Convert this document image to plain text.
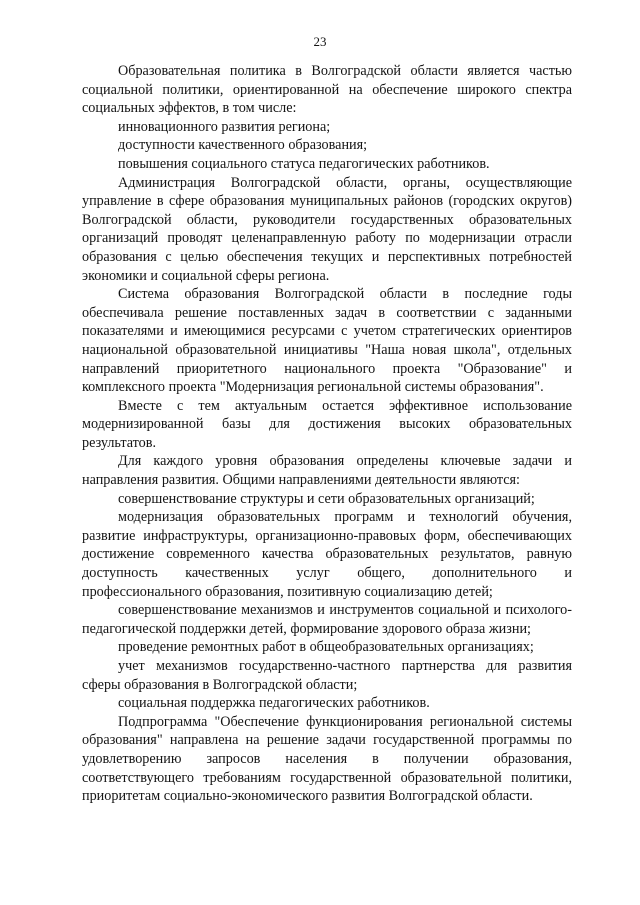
23

Образовательная политика в Волгоградской области является частью социальной политики, ориентированной на обеспечение широкого спектра социальных эффектов, в том числе:

инновационного развития региона;

доступности качественного образования;

повышения социального статуса педагогических работников.

Администрация Волгоградской области, органы, осуществляющие управление в сфере образования муниципальных районов (городских округов) Волгоградской области, руководители государственных образовательных организаций проводят целенаправленную работу по модернизации отрасли образования с целью обеспечения текущих и перспективных потребностей экономики и социальной сферы региона.

Система образования Волгоградской области в последние годы обеспечивала решение поставленных задач в соответствии с заданными показателями и имеющимися ресурсами с учетом стратегических ориентиров национальной образовательной инициативы "Наша новая школа", отдельных направлений приоритетного национального проекта "Образование" и комплексного проекта "Модернизация региональной системы образования".

Вместе с тем актуальным остается эффективное использование модернизированной базы для достижения высоких образовательных результатов.

Для каждого уровня образования определены ключевые задачи и направления развития. Общими направлениями деятельности являются:

совершенствование структуры и сети образовательных организаций;

модернизация образовательных программ и технологий обучения, развитие инфраструктуры, организационно-правовых форм, обеспечивающих достижение современного качества образовательных результатов, равную доступность качественных услуг общего, дополнительного и профессионального образования, позитивную социализацию детей;

совершенствование механизмов и инструментов социальной и психолого-педагогической поддержки детей, формирование здорового образа жизни;

проведение ремонтных работ в общеобразовательных организациях;

учет механизмов государственно-частного партнерства для развития сферы образования в Волгоградской области;

социальная поддержка педагогических работников.

Подпрограмма "Обеспечение функционирования региональной системы образования" направлена на решение задачи государственной программы по удовлетворению запросов населения в получении образования, соответствующего требованиям государственной образовательной политики, приоритетам социально-экономического развития Волгоградской области.
